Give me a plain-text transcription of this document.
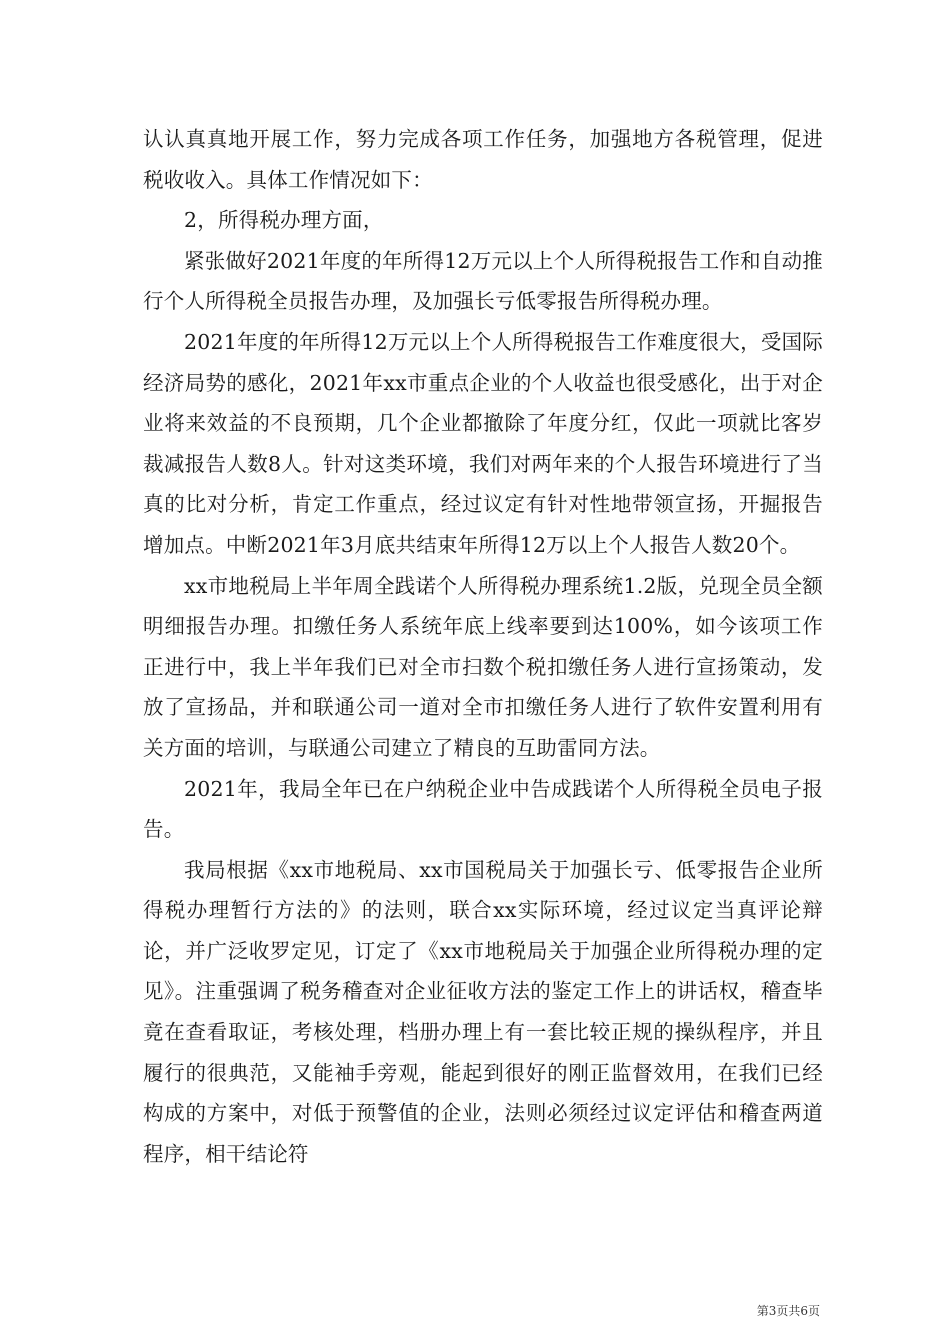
认认真真地开展工作，努力完成各项工作任务，加强地方各税管理，促进税收收入。具体工作情况如下：

2，所得税办理方面，

紧张做好2021年度的年所得12万元以上个人所得税报告工作和自动推行个人所得税全员报告办理，及加强长亏低零报告所得税办理。

2021年度的年所得12万元以上个人所得税报告工作难度很大，受国际经济局势的感化，2021年xx市重点企业的个人收益也很受感化，出于对企业将来效益的不良预期，几个企业都撤除了年度分红，仅此一项就比客岁裁减报告人数8人。针对这类环境，我们对两年来的个人报告环境进行了当真的比对分析，肯定工作重点，经过议定有针对性地带领宣扬，开掘报告增加点。中断2021年3月底共结束年所得12万以上个人报告人数20个。

xx市地税局上半年周全践诺个人所得税办理系统1.2版，兑现全员全额明细报告办理。扣缴任务人系统年底上线率要到达100%，如今该项工作正进行中，我上半年我们已对全市扫数个税扣缴任务人进行宣扬策动，发放了宣扬品，并和联通公司一道对全市扣缴任务人进行了软件安置利用有关方面的培训，与联通公司建立了精良的互助雷同方法。

2021年，我局全年已在户纳税企业中告成践诺个人所得税全员电子报告。

我局根据《xx市地税局、xx市国税局关于加强长亏、低零报告企业所得税办理暂行方法的》的法则，联合xx实际环境，经过议定当真评论辩论，并广泛收罗定见，订定了《xx市地税局关于加强企业所得税办理的定见》。注重强调了税务稽查对企业征收方法的鉴定工作上的讲话权，稽查毕竟在查看取证，考核处理，档册办理上有一套比较正规的操纵程序，并且履行的很典范，又能袖手旁观，能起到很好的刚正监督效用，在我们已经构成的方案中，对低于预警值的企业，法则必须经过议定评估和稽查两道程序，相干结论符

第3页共6页
